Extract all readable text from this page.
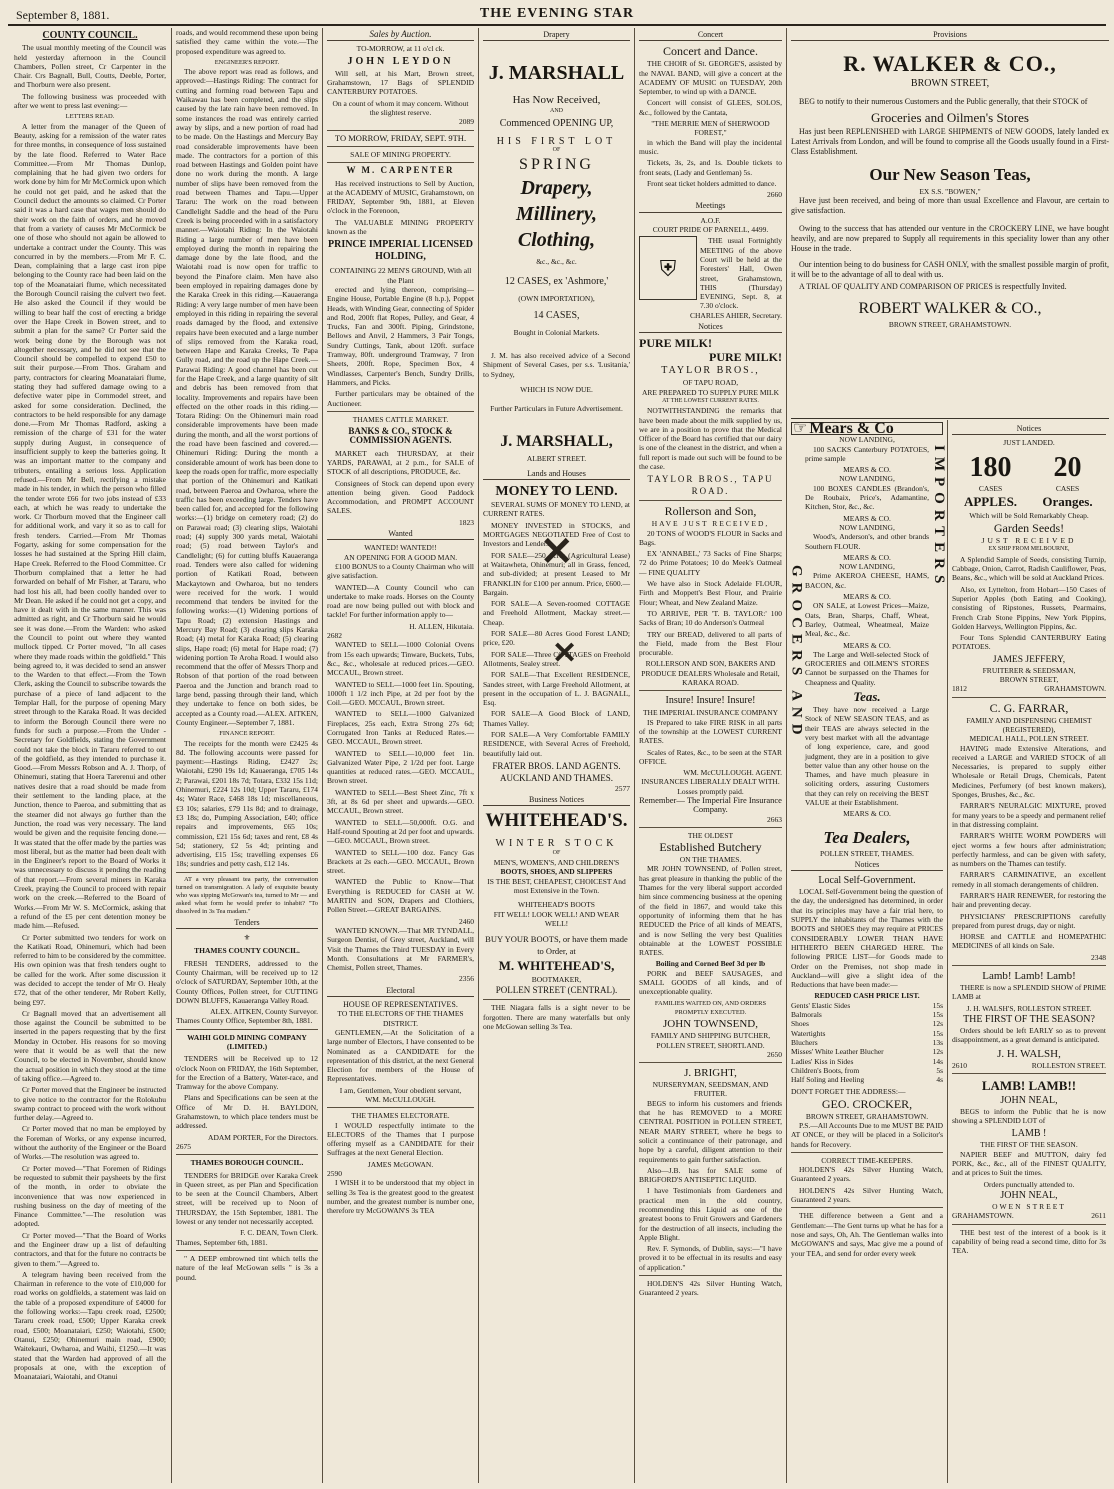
September 8, 1881.	THE EVENING STAR
COUNTY COUNCIL.

The usual monthly meeting of the Council was held yesterday afternoon in the Council Chambers, Pollen street, Cr Carpenter in the Chair. Crs Bagnall, Bull, Coutts, Deeble, Porter, and Thorburn were also present.

The following business was proceeded with after we went to press last evening:—

LETTERS READ.

A letter from the manager of the Queen of Beauty, asking for a remission of the water rates for three months, in consequence of loss sustained by the late flood. Referred to Water Race Committee.—From Mr Thomas Dunlop, complaining that he had given two orders for work done by him for Mr McCormick upon which he could not get paid, and he asked that the Council deduct the amounts so claimed. Cr Porter said it was a hard case that wages men should do their work on the faith of orders, and he moved that from a variety of causes Mr McCormick be one of those who should not again be allowed to undertake a contract under the County. This was concurred in by the members.—From Mr F. C. Dean, complaining that a large cast iron pipe belonging to the County race had been laid on the top of the Moanataiari flume, which necessitated the Borough Council raising the culvert two feet. He also asked the Council if they would be willing to bear half the cost of erecting a bridge over the Hape Creek in Bowen street, and to submit a plan for the same? Cr Porter said the work being done by the Borough was not altogether necessary, and he did not see that the Council should be compelled to expend £50 to suit their purpose.—From Thos. Graham and party, contractors for clearing Moanataiari flume, stating they had suffered damage owing to a defective water pipe in Cornmodel street, and asked for some consideration. Declined, the contractors to be held responsible for any damage done.—From Mr Thomas Radford, asking a remission of the charge of £31 for the water supply during August, in consequence of insufficient supply to keep the batteries going. It was an important matter to the company and tributers, entailing a serious loss. Application refused.—From Mr Bell, rectifying a mistake made in his tender, in which the person who filled the tender wrote £66 for two jobs instead of £33 each, at which he was ready to undertake the work. Cr Thorburn moved that the Engineer call for additional work, and vary it so as to call for fresh tenders. Carried.—From Mr Thomas Fogarty, asking for some compensation for the losses he had sustained at the Spring Hill claim, Hape Creek. Referred to the Flood Committee. Cr Thorburn complained that a letter he had forwarded on behalf of Mr Fisher, at Tararu, who had lost his all, had been coolly handed over to Mr Dean. He asked if he could not get a copy, and have it dealt with in the same manner. This was admitted as right, and Cr Thorburn said he would see it was done.—From the Warden: who asked the Council to point out where they wanted mullock tipped. Cr Porter moved, "In all cases where they made roads within the goldfield." This being agreed to, it was decided to send an answer to the Warden to that effect.—From the Town Clerk, asking the Council to subscribe towards the purchase of a piece of land adjacent to the Templar Hall, for the purpose of opening Mary street through to the Karaka Road. It was decided to inform the Borough Council there were no funds for such a purpose.—From the Under - Secretary for Goldfields, stating the Government could not take the block in Tararu referred to out of the goldfield, as they intended to purchase it. Good.—From Messrs Robson and A. J. Thorp, of Ohinemuri, stating that Hoera Tarerenui and other natives desire that a road should be made from their settlement to the landing place, at the Junction, thence to Paeroa, and submitting that as the steamer did not always go further than the Junction, the road was very necessary. The land would be given and the requisite fencing done.—It was stated that the offer made by the parties was most liberal, but as the matter had been dealt with in the Engineer's report to the Board of Works it was unnecessary to discuss it pending the reading of that report.—From several miners in Karaka Creek, praying the Council to proceed with repair work on the creek.—Referred to the Board of Works.—From Mr W. S. McCormick, asking that a refund of the £5 per cent detention money be made him.—Refused.

Cr Porter submitted two tenders for work on the Katikati Road, Ohinemuri, which had been referred to him to be considered by the committee. His own opinion was that fresh tenders ought to be called for the work. After some discussion it was decided to accept the tender of Mr O. Healy £72, that of the other tenderer, Mr Robert Kelly, being £97.

Cr Bagnall moved that an advertisement all those against the Council be submitted to be inserted in the papers requesting that by the first Monday in October. His reasons for so moving were that it would be as well that the new Council, to be elected in November, should know the actual position in which they stood at the time of taking office.—Agreed to.

Cr Porter moved that the Engineer be instructed to give notice to the contractor for the Rolokuhu swamp contract to proceed with the work without further delay.—Agreed to.

Cr Porter moved that no man be employed by the Foreman of Works, or any expense incurred, without the authority of the Engineer or the Board of Works.—The resolution was agreed to.

Cr Porter moved—"That Foremen of Ridings be requested to submit their paysheets by the first of the month, in order to obviate the inconvenience that was now experienced in rushing business on the day of meeting of the Finance Committee."—The resolution was adopted.

Cr Porter moved—"That the Board of Works and the Engineer draw up a list of defaulting contractors, and that for the future no contracts be given to them."—Agreed to.

A telegram having been received from the Chairman in reference to the vote of £10,000 for road works on goldfields, a statement was laid on the table of a proposed expenditure of £4000 for the following works:—Tapu creek road, £2500; Tararu creek road, £500; Upper Karaka creek road, £500; Moanataiari, £250; Waiotahi, £500; Otanui, £250; Ohinemuri main road, £900; Waitekauri, Owharoa, and Waihi, £1250.—It was stated that the Warden had approved of all the proposals at one, with the exception of Moanataiari, Waiotahi, and Otanui

roads, and would recommend these upon being satisfied they came within the vote.—The proposed expenditure was agreed to.

ENGINEER'S REPORT.

The above report was read as follows, and approved:—Hastings Riding: The contract for cutting and forming road between Tapu and Waikawau has been completed, and the slips caused by the late rain have been removed. In some instances the road was entirely carried away by slips, and a new portion of road had to be made. On the Hastings and Mercury Bay road considerable improvements have been made. The contractors for a portion of this road between Hastings and Golden point have done no work during the month. A large number of slips have been removed from the road between Thames and Tapu.—Upper Tararu: The work on the road between Candlelight Saddle and the head of the Puru Creek is being proceeded with in a satisfactory manner.—Waiotahi Riding: In the Waiotahi Riding a large number of men have been employed during the month in repairing the damage done by the late flood, and the Waiotahi road is now open for traffic to beyond the Pinafore claim. Men have also been employed in repairing damages done by the Karaka Creek in this riding.—Kauaeranga Riding: A very large number of men have been employed in this riding in repairing the several roads damaged by the flood, and extensive repairs have been executed and a large number of slips removed from the Karaka road, between Hape and Karaka Creeks, Te Papa Gully road, and the road up the Hape Creek.—Parawai Riding: A good channel has been cut for the Hape Creek, and a large quantity of silt and debris has been removed from that locality. Improvements and repairs have been effected on the other roads in this riding.—Totara Riding: On the Ohinemuri main road considerable improvements have been made during the month, and all the worst portions of the road have been fascined and covered.—Ohinemuri Riding: During the month a considerable amount of work has been done to keep the roads open for traffic, more especially that portion of the Ohinemuri and Katikati road, between Paeroa and Owharoa, where the traffic has been exceeding large. Tenders have been called for, and accepted for the following works:—(1) bridge on cemetery road; (2) do on Parawai road; (3) clearing slips, Waiotahi road; (4) supply 300 yards metal, Waiotahi road; (5) road between Taylor's and Candlelight; (6) for cutting bluffs Kauaeranga road. Tenders were also called for widening portion of Katikati Road, between Mackaytown and Owharoa, but no tenders were received for the work. I would recommend that tenders be invited for the following works:—(1) Widening portions of Tapu Road; (2) extension Hastings and Mercury Bay Road; (3) clearing slips Karaka Road; (4) metal for Karaka Road; (5) clearing slips, Hape road; (6) metal for Hape road; (7) widening portion Te Aroha Road. I would also recommend that the offer of Messrs Thorp and Robson of that portion of the road between Paeroa and the Junction and branch road to large bend, passing through their land, which they undertake to fence on both sides, be accepted as a County road.—ALEX. AITKEN, County Engineer.—September 7, 1881.

FINANCE REPORT.

The receipts for the month were £2425 4s 8d. The following accounts were passed for payment:—Hastings Riding, £2427 2s; Waiotahi, £290 19s 1d; Kauaeranga, £705 14s 2; Parawai, £201 18s 7d; Totara, £332 15s 11d; Ohinemuri, £224 12s 10d; Upper Tararu, £174 4s; Water Race, £468 18s 1d; miscellaneous, £3 10s; salaries, £79 11s 8d; and to drainage, £3 18s; do, Pumping Association, £40; office repairs and improvements, £65 10s; commission, £21 15s 6d; taxes and rent, £8 4s 5d; stationery, £2 5s 4d; printing and advertising, £15 15s; travelling expenses £6 18s; sundries and petty cash, £12 14s.

AT a very pleasant tea party, the conversation turned on transmigration. A lady of exquisite beauty who was sipping McGowan's tea, turned to Mr — and asked what form he would prefer to inhabit? "To dissolved in 3s Tea madam."

Tenders
⚜
THAMES COUNTY COUNCIL.

FRESH TENDERS, addressed to the County Chairman, will be received up to 12 o'clock of SATURDAY, September 10th, at the County Offices, Pollen street, for CUTTING DOWN BLUFFS, Kauaeranga Valley Road.

ALEX. AITKEN, County Surveyor.
Thames County Office, September 8th, 1881.
WAIHI GOLD MINING COMPANY (LIMITED.)

TENDERS will be Received up to 12 o'clock Noon on FRIDAY, the 16th September, for the Erection of a Battery, Water-race, and Tramway for the above Company.

Plans and Specifications can be seen at the Office of Mr D. H. BAYLDON, Grahamstown, to which place tenders must be addressed.

ADAM PORTER, For the Directors.
2675
THAMES BOROUGH COUNCIL.

TENDERS for BRIDGE over Karaka Creek in Queen street, as per Plan and Specification to be seen at the Council Chambers, Albert street, will be received up to Noon of THURSDAY, the 15th September, 1881. The lowest or any tender not necessarily accepted.

F. C. DEAN, Town Clerk.
Thames, September 6th, 1881.

" A DEEP embrowned tint which tells the nature of the leaf McGowan sells " is 3s a pound.

Sales by Auction.
TO-MORROW, at 11 o'cl ck.
JOHN LEYDON

Will sell, at his Mart, Brown street, Grahamstown, 17 Bags of SPLENDID CANTERBURY POTATOES.

On a count of whom it may concern. Without the slightest reserve.
2089
TO MORROW, FRIDAY, SEPT. 9TH.
SALE OF MINING PROPERTY.
W M. CARPENTER

Has received instructions to Sell by Auction, at the ACADEMY of MUSIC, Grahamstown, on FRIDAY, September 9th, 1881, at Eleven o'clock in the Forenoon,

The VALUABLE MINING PROPERTY known as the

PRINCE IMPERIAL LICENSED HOLDING,
CONTAINING 22 MEN'S GROUND, With all the Plant

erected and lying thereon, comprising— Engine House, Portable Engine (8 h.p.), Poppet Heads, with Winding Gear, connecting of Spider and Rod, 200ft flat Ropes, Pulley, and Gear, 4 Trucks, Fan and 300ft. Piping, Grindstone, Bellows and Anvil, 2 Hammers, 3 Pair Tongs, Sundry Cuttings, Tank, about 120ft. surface Tramway, 80ft. underground Tramway, 7 Iron Sheets, 200ft. Rope, Specimen Box, 4 Windlasses, Carpenter's Bench, Sundry Drills, Hammers, and Picks.

Further particulars may be obtained of the Auctioneer.

THAMES CATTLE MARKET.
BANKS & CO., STOCK & COMMISSION AGENTS.

MARKET each THURSDAY, at their YARDS, PARAWAI, at 2 p.m., for SALE of STOCK of all descriptions, PRODUCE, &c.

Consignees of Stock can depend upon every attention being given. Good Paddock Accommodation, and PROMPT ACCOUNT SALES.

1823
Wanted
WANTED! WANTED!!
AN OPENING FOR A GOOD MAN.

£100 BONUS to a County Chairman who will give satisfaction.

WANTED—A County Council who can undertake to make roads. Horses on the County road are now being pulled out with block and tackle! For further information apply to—

H. ALLEN, Hikutaia.
2682

WANTED to SELL—1000 Colonial Ovens from 15s each upwards; Tinware, Buckets, Tubs, &c., &c., wholesale at reduced prices.—GEO. MCCAUL, Brown street.

WANTED to SELL—1000 feet 1in. Spouting, 1000ft 1 1/2 inch Pipe, at 2d per foot by the Coil.—GEO. MCCAUL, Brown street.

WANTED to SELL—1000 Galvanized Fireplaces, 25s each, Extra Strong 27s 6d; Corrugated Iron Tanks at Reduced Rates.—GEO. MCCAUL, Brown street.

WANTED to SELL—10,000 feet 1in. Galvanized Water Pipe, 2 1/2d per foot. Large quantities at reduced rates.—GEO. MCCAUL, Brown street.

WANTED to SELL—Best Sheet Zinc, 7ft x 3ft, at 8s 6d per sheet and upwards.—GEO. MCCAUL, Brown street.

WANTED to SELL—50,000ft. O.G. and Half-round Spouting at 2d per foot and upwards.—GEO. MCCAUL, Brown street.

WANTED to SELL—100 doz. Fancy Gas Brackets at 2s each.—GEO. MCCAUL, Brown street.

WANTED the Public to Know—That Everything is REDUCED for CASH at W. MARTIN and SON, Drapers and Clothiers, Pollen Street.—GREAT BARGAINS.

2460

WANTED KNOWN.—That MR TYNDALL, Surgeon Dentist, of Grey street, Auckland, will Visit the Thames the Third TUESDAY in Every Month. Consultations at Mr FARMER's, Chemist, Pollen street, Thames.

2356
Electoral
HOUSE OF REPRESENTATIVES.
TO THE ELECTORS OF THE THAMES DISTRICT.

GENTLEMEN,—At the Solicitation of a large number of Electors, I have consented to be Nominated as a CANDIDATE for the representation of this district, at the next General Election for members of the House of Representatives.

I am, Gentlemen, Your obedient servant,
WM. McCULLOUGH.
THE THAMES ELECTORATE.

I WOULD respectfully intimate to the ELECTORS of the Thames that I purpose offering myself as a CANDIDATE for their Suffrages at the next General Election.

JAMES McGOWAN.
2590

I WISH it to be understood that my object in selling 3s Tea is the greatest good to the greatest number, and the greatest number is number one, therefore try McGOWAN'S 3s TEA

Drapery
J. MARSHALL
Has Now Received,
AND
Commenced OPENING UP,
HIS FIRST LOT
OF
SPRING
Drapery,
Millinery,
Clothing,
&c., &c., &c.
12 CASES, ex 'Ashmore,'
(OWN IMPORTATION),
14 CASES,
Bought in Colonial Markets.

J. M. has also received advice of a Second Shipment of Several Cases, per s.s. 'Lusitania,' to Sydney,

WHICH IS NOW DUE.
Further Particulars in Future Advertisement.
J. MARSHALL,
ALBERT STREET.
Lands and Houses
MONEY TO LEND.

SEVERAL SUMS OF MONEY TO LEND, at CURRENT RATES.

MONEY INVESTED in STOCKS, and MORTGAGES NEGOTIATED Free of Cost to Investors and Lenders.

FOR SALE—250 Acres (Agricultural Lease) at Waitawheta, Ohinemuri; all in Grass, fenced, and sub-divided; at present Leased to Mr FRANKLIN for £100 per annum. Price, £600.—Bargain.

FOR SALE—A Seven-roomed COTTAGE and Freehold Allotment, Mackay street.—Cheap.

FOR SALE—80 Acres Good Forest LAND; price, £20.

FOR SALE—Three COTTAGES on Freehold Allotments, Sealey street.

FOR SALE—That Excellent RESIDENCE, Sandes street, with Large Freehold Allotment, at present in the occupation of L. J. BAGNALL, Esq.

FOR SALE—A Good Block of LAND, Thames Valley.

FOR SALE—A Very Comfortable FAMILY RESIDENCE, with Several Acres of Freehold, beautifully laid out.

FRATER BROS. LAND AGENTS. AUCKLAND AND THAMES.
2577
Business Notices
WHITEHEAD'S.
WINTER STOCK
OF
MEN'S, WOMEN'S, AND CHILDREN'S
BOOTS, SHOES, AND SLIPPERS
IS THE BEST, CHEAPEST, CHOICEST And most Extensive in the Town.
WHITEHEAD'S BOOTS
FIT WELL! LOOK WELL! AND WEAR WELL!
BUY YOUR BOOTS, or have them made to Order, at
M. WHITEHEAD'S,
BOOTMAKER,
POLLEN STREET (CENTRAL).

THE Niagara falls is a sight never to be forgotten. There are many waterfalls but only one McGowan selling 3s Tea.

Concert
Concert and Dance.

THE CHOIR of St. GEORGE'S, assisted by the NAVAL BAND, will give a concert at the ACADEMY OF MUSIC on TUESDAY, 20th September, to wind up with a DANCE.

Concert will consist of GLEES, SOLOS, &c., followed by the Cantata,

"THE MERRIE MEN of SHERWOOD FOREST,"

in which the Band will play the incidental music.

Tickets, 3s, 2s, and 1s. Double tickets to front seats, (Lady and Gentleman) 5s.

Front seat ticket holders admitted to dance.

2660
Meetings
A.O.F.
COURT PRIDE OF PARNELL, 4499.
⛨

THE usual Fortnightly MEETING of the above Court will be held at the Foresters' Hall, Owen street, Grahamstown, THIS (Thursday) EVENING, Sept. 8, at 7.30 o'clock.

CHARLES AHIER, Secretary.
Notices
PURE MILK!
PURE MILK!
TAYLOR BROS.,
OF TAPU ROAD,
ARE PREPARED TO SUPPLY PURE MILK
AT THE LOWEST CURRENT RATES.

NOTWITHSTANDING the remarks that have been made about the milk supplied by us, we are in a position to prove that the Medical Officer of the Board has certified that our dairy is one of the cleanest in the district, and when a full report is made out such will be found to be the case.

TAYLOR BROS., TAPU ROAD.
Rollerson and Son,
HAVE JUST RECEIVED,

20 TONS of WOOD'S FLOUR in Sacks and Bags.

EX 'ANNABEL,' 73 Sacks of Fine Sharps; 72 do Prime Potatoes; 10 do Meek's Oatmeal — FINE QUALITY

We have also in Stock Adelaide FLOUR, Firth and Moppett's Best Flour, and Prairie Flour; Wheat, and New Zealand Maize.

TO ARRIVE, PER 'T. B. TAYLOR:' 100 Sacks of Bran; 10 do Anderson's Oatmeal

TRY our BREAD, delivered to all parts of the Field, made from the Best Flour procurable.

ROLLERSON AND SON, BAKERS AND PRODUCE DEALERS Wholesale and Retail, KARAKA ROAD.
Insure! Insure! Insure!
THE IMPERIAL INSURANCE COMPANY

IS Prepared to take FIRE RISK in all parts of the township at the LOWEST CURRENT RATES.

Scales of Rates, &c., to be seen at the STAR OFFICE.

WM. McCULLOUGH. AGENT.
INSURANCES LIBERALLY DEALT WITH. Losses promptly paid.
Remember— The Imperial Fire Insurance Company.
2663
THE OLDEST
Established Butchery
ON THE THAMES.

MR JOHN TOWNSEND, of Pollen street, has great pleasure in thanking the public of the Thames for the very liberal support accorded him since commencing business at the opening of the field in 1867, and would take this opportunity of informing them that he has REDUCED the Price of all kinds of MEATS, and is now Selling the very best Qualities obtainable at the LOWEST POSSIBLE RATES.

Boiling and Corned Beef 3d per lb

PORK and BEEF SAUSAGES, and SMALL GOODS of all kinds, and of unexceptionable quality.

FAMILIES WAITED ON, AND ORDERS PROMPTLY EXECUTED.
JOHN TOWNSEND,
FAMILY AND SHIPPING BUTCHER, POLLEN STREET, SHORTLAND.
2650
J. BRIGHT,
NURSERYMAN, SEEDSMAN, AND FRUITER.

BEGS to inform his customers and friends that he has REMOVED to a MORE CENTRAL POSITION in POLLEN STREET, NEAR MARY STREET, where he begs to solicit a continuance of their patronage, and hope by a careful, diligent attention to their requirements to gain further satisfaction.

Also—J.B. has for SALE some of BRIGFORD'S ANTISEPTIC LIQUID.

I have Testimonials from Gardeners and practical men in the old country, recommending this Liquid as one of the greatest boons to Fruit Growers and Gardeners for the destruction of all insects, including the Apple Blight.

Rev. F. Symonds, of Dublin, says:—"I have proved it to be effectual in its results and easy of application."

HOLDEN'S 42s Silver Hunting Watch, Guaranteed 2 years.

Provisions
R. WALKER & CO.,
BROWN STREET,

BEG to notify to their numerous Customers and the Public generally, that their STOCK of

Groceries and Oilmen's Stores

Has just been REPLENISHED with LARGE SHIPMENTS of NEW GOODS, lately landed ex Latest Arrivals from London, and will be found to comprise all the Goods usually found in a First-Class Establishment.

Our New Season Teas,
EX S.S. "BOWEN,"

Have just been received, and being of more than usual Excellence and Flavour, are certain to give satisfaction.

Owing to the success that has attended our venture in the CROCKERY LINE, we have bought heavily, and are now prepared to Supply all requirements in this speciality lower than any other House in the trade.

Our intention being to do business for CASH ONLY, with the smallest possible margin of profit, it will be to the advantage of all to deal with us.

A TRIAL OF QUALITY AND COMPARISON OF PRICES is respectfully Invited.

ROBERT WALKER & CO.,
BROWN STREET, GRAHAMSTOWN.
☞ Mears & Co
GROCERS AND
IMPORTERS
NOW LANDING,

100 SACKS Canterbury POTATOES, prime sample

MEARS & CO.
NOW LANDING,

100 BOXES CANDLES (Brandon's, De Roubaix, Price's, Adamantine, Kitchen, Stor, &c., &c.

MEARS & CO.
NOW LANDING,

Wood's, Anderson's, and other brands Southern FLOUR.

MEARS & CO.
NOW LANDING,

Prime AKEROA CHEESE, HAMS, BACON, &c.

MEARS & CO.

ON SALE, at Lowest Prices—Maize, Oats, Bran, Sharps, Chaff, Wheat, Barley, Oatmeal, Wheatmeal, Maize Meal, &c., &c.

MEARS & CO.

The Large and Well-selected Stock of GROCERIES and OILMEN'S STORES Cannot be surpassed on the Thames for Cheapness and Quality.

Teas.

They have now received a Large Stock of NEW SEASON TEAS, and as their TEAS are always selected in the very best market with all the advantage of long experience, care, and good judgment, they are in a position to give better value than any other house on the Thames, and have much pleasure in soliciting orders, assuring Customers that they can rely on receiving the BEST VALUE at their Establishment.

MEARS & CO.
Tea Dealers,
POLLEN STREET, THAMES.
Notices
Local Self-Government.

LOCAL Self-Government being the question of the day, the undersigned has determined, in order that its principles may have a fair trial here, to SUPPLY the inhabitants of the Thames with the BOOTS and SHOES they may require at PRICES CONSIDERABLY LOWER THAN HAVE HITHERTO BEEN CHARGED HERE. The following PRICE LIST—for Goods made to Order on the Premises, not shop made in Auckland—will give a slight idea of the Reductions that have been made:—

REDUCED CASH PRICE LIST.
Gents' Elastic Sides	15s
Balmorals	15s
Shoes	12s
Watertights	15s
Bluchers	13s
Misses' White Leather Blucher	12s
Ladies' Kiss in Sides	14s
Children's Boots, from	5s
Half Soling and Heeling	4s
DON'T FORGET THE ADDRESS:—
GEO. CROCKER,
BROWN STREET, GRAHAMSTOWN.

P.S.—All Accounts Due to me MUST BE PAID AT ONCE, or they will be placed in a Solicitor's hands for Recovery.

CORRECT TIME-KEEPERS.

HOLDEN'S 42s Silver Hunting Watch, Guaranteed 2 years.

HOLDEN'S 42s Silver Hunting Watch, Guaranteed 2 years.

THE difference between a Gent and a Gentleman:—The Gent turns up what he has for a nose and says, Oh, Ah. The Gentleman walks into McGOWAN'S and says, Mac give me a pound of your TEA, and send for order every week

Notices
JUST LANDED.
180
CASES
APPLES.
20
CASES
Oranges.
Which will be Sold Remarkably Cheap.
Garden Seeds!
JUST RECEIVED
EX SHIP FROM MELBOURNE,

A Splendid Sample of Seeds, consisting Turnip, Cabbage, Onion, Carrot, Radish Cauliflower, Peas, Beans, &c., which will be sold at Auckland Prices.

Also, ex Lyttelton, from Hobart—150 Cases of Superior Apples (both Eating and Cooking), consisting of Ripstones, Russets, Pearmains, French Crab Stone Pippins, New York Pippins, Golden Harveys, Wellington Pippins, &c.

Four Tons Splendid CANTERBURY Eating POTATOES.

JAMES JEFFERY,
FRUITERER & SEEDSMAN,
BROWN STREET,
1812	GRAHAMSTOWN.
C. G. FARRAR,
FAMILY AND DISPENSING CHEMIST (REGISTERED),
MEDICAL HALL, POLLEN STREET.

HAVING made Extensive Alterations, and received a LARGE and VARIED STOCK of all Necessaries, is prepared to supply either Wholesale or Retail Drugs, Chemicals, Patent Medicines, Perfumery (of best known makers), Sponges, Brushes, &c., &c.

FARRAR'S NEURALGIC MIXTURE, proved for many years to be a speedy and permanent relief in that distressing complaint.

FARRAR'S WHITE WORM POWDERS will eject worms a few hours after administration; perfectly harmless, and can be given with safety, as numbers on the Thames can testify.

FARRAR'S CARMINATIVE, an excellent remedy in all stomach derangements of children.

FARRAR'S HAIR RENEWER, for restoring the hair and preventing decay.

PHYSICIANS' PRESCRIPTIONS carefully prepared from purest drugs, day or night.

HORSE and CATTLE and HOMEPATHIC MEDICINES of all kinds on Sale.

2348
Lamb! Lamb! Lamb!

THERE is now a SPLENDID SHOW of PRIME LAMB at

J. H. WALSH'S, ROLLESTON STREET.
THE FIRST OF THE SEASON?

Orders should be left EARLY so as to prevent disappointment, as a great demand is anticipated.

J. H. WALSH,
2610	ROLLESTON STREET.
LAMB! LAMB!!
JOHN NEAL,

BEGS to inform the Public that he is now showing a SPLENDID LOT of

LAMB !
THE FIRST OF THE SEASON.

NAPIER BEEF and MUTTON, dairy fed PORK, &c., &c., all of the FINEST QUALITY, and at prices to Suit the times.

Orders punctually attended to.
JOHN NEAL,
OWEN STREET
GRAHAMSTOWN.	2611

THE best test of the interest of a book is it capability of being read a second time, ditto for 3s TEA.

✕
✕
